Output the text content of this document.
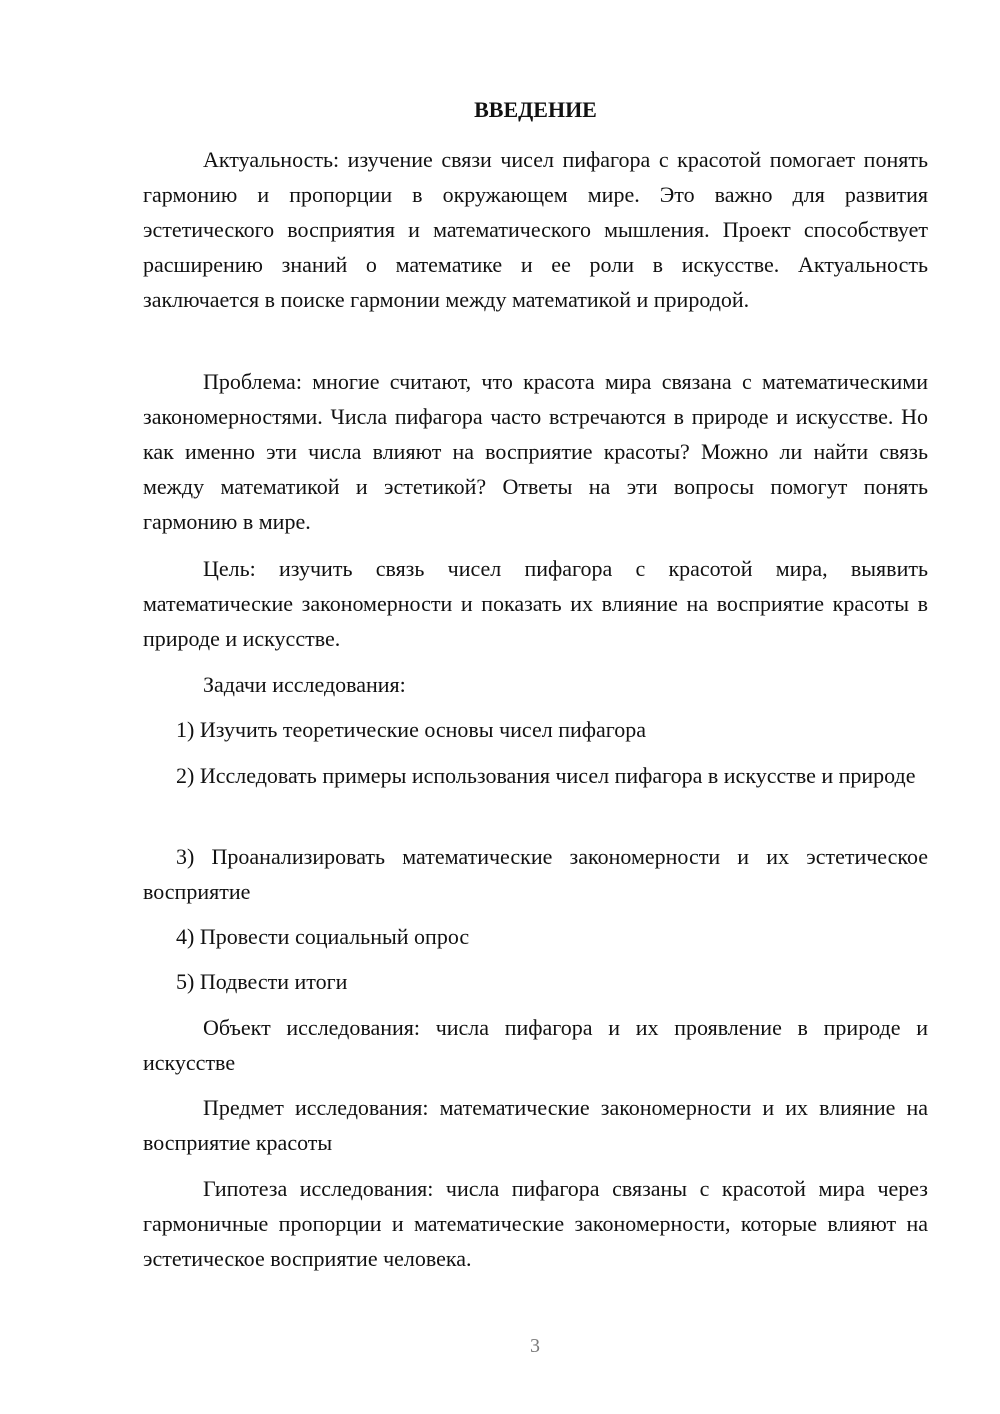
ВВЕДЕНИЕ
Актуальность: изучение связи чисел пифагора с красотой помогает понять гармонию и пропорции в окружающем мире. Это важно для развития эстетического восприятия и математического мышления. Проект способствует расширению знаний о математике и ее роли в искусстве. Актуальность заключается в поиске гармонии между математикой и природой.
Проблема: многие считают, что красота мира связана с математическими закономерностями. Числа пифагора часто встречаются в природе и искусстве. Но как именно эти числа влияют на восприятие красоты? Можно ли найти связь между математикой и эстетикой? Ответы на эти вопросы помогут понять гармонию в мире.
Цель: изучить связь чисел пифагора с красотой мира, выявить математические закономерности и показать их влияние на восприятие красоты в природе и искусстве.
Задачи исследования:
1) Изучить теоретические основы чисел пифагора
2) Исследовать примеры использования чисел пифагора в искусстве и природе
3) Проанализировать математические закономерности и их эстетическое восприятие
4) Провести социальный опрос
5) Подвести итоги
Объект исследования: числа пифагора и их проявление в природе и искусстве
Предмет исследования: математические закономерности и их влияние на восприятие красоты
Гипотеза исследования: числа пифагора связаны с красотой мира через гармоничные пропорции и математические закономерности, которые влияют на эстетическое восприятие человека.
3
